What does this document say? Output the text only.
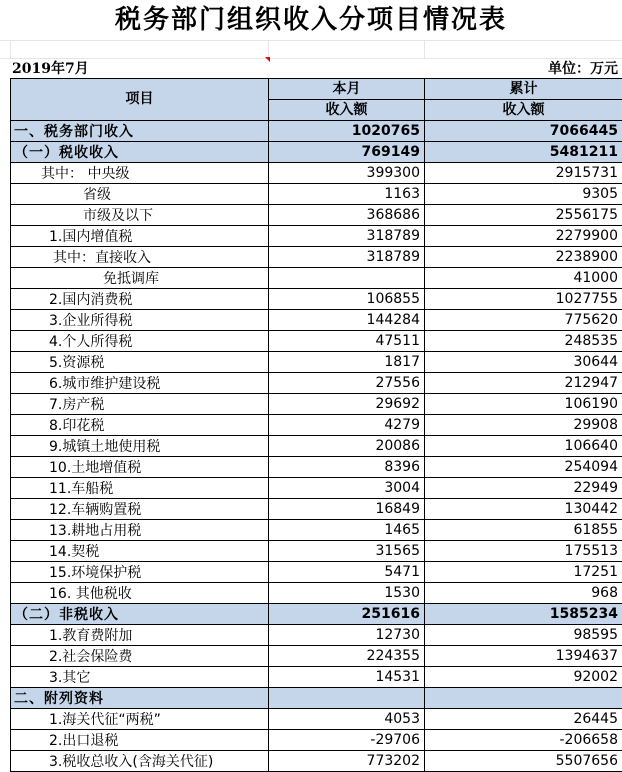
税务部门组织收入分项目情况表
2019年7月	单位：万元
项目	本月	累计
	收入额	收入额
一、税务部门收入	1020765	7066445
（一）税收收入	769149	5481211
其中： 中央级	399300	2915731
省级	1163	9305
市级及以下	368686	2556175
1.国内增值税	318789	2279900
其中：直接收入	318789	2238900
免抵调库		41000
2.国内消费税	106855	1027755
3.企业所得税	144284	775620
4.个人所得税	47511	248535
5.资源税	1817	30644
6.城市维护建设税	27556	212947
7.房产税	29692	106190
8.印花税	4279	29908
9.城镇土地使用税	20086	106640
10.土地增值税	8396	254094
11.车船税	3004	22949
12.车辆购置税	16849	130442
13.耕地占用税	1465	61855
14.契税	31565	175513
15.环境保护税	5471	17251
16. 其他税收	1530	968
（二）非税收入	251616	1585234
1.教育费附加	12730	98595
2.社会保险费	224355	1394637
3.其它	14531	92002
二、附列资料		
1.海关代征“两税”	4053	26445
2.出口退税	-29706	-206658
3.税收总收入(含海关代征)	773202	5507656
